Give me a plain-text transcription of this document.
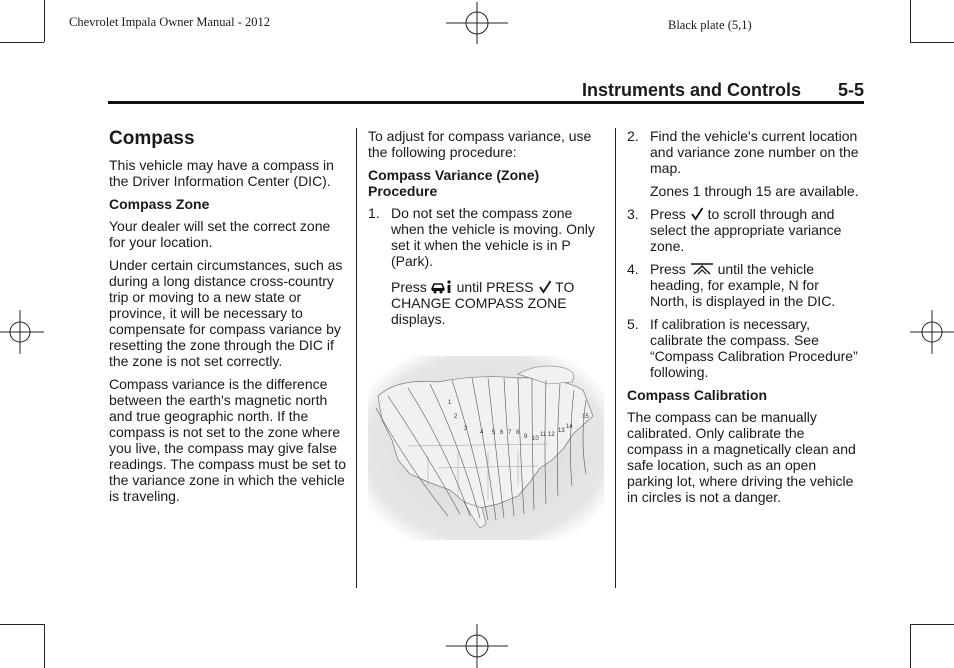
Chevrolet Impala Owner Manual - 2012	Black plate (5,1)
Instruments and Controls 5-5
Compass

This vehicle may have a compass in the Driver Information Center (DIC).

Compass Zone

Your dealer will set the correct zone for your location.

Under certain circumstances, such as during a long distance cross-country trip or moving to a new state or province, it will be necessary to compensate for compass variance by resetting the zone through the DIC if the zone is not set correctly.

Compass variance is the difference between the earth's magnetic north and true geographic north. If the compass is not set to the zone where you live, the compass may give false readings. The compass must be set to the variance zone in which the vehicle is traveling.

To adjust for compass variance, use the following procedure:

Compass Variance (Zone) Procedure
1. Do not set the compass zone when the vehicle is moving. Only set it when the vehicle is in P (Park).
Press until PRESS TO CHANGE COMPASS ZONE displays.
1
2
3
4 5 6 7 8
9 10
11 12
13
14
15
2. Find the vehicle's current location and variance zone number on the map.

Zones 1 through 15 are available.

3. Press to scroll through and select the appropriate variance zone.
4. Press until the vehicle heading, for example, N for North, is displayed in the DIC.
5. If calibration is necessary, calibrate the compass. See “Compass Calibration Procedure” following.
Compass Calibration

The compass can be manually calibrated. Only calibrate the compass in a magnetically clean and safe location, such as an open parking lot, where driving the vehicle in circles is not a danger.
